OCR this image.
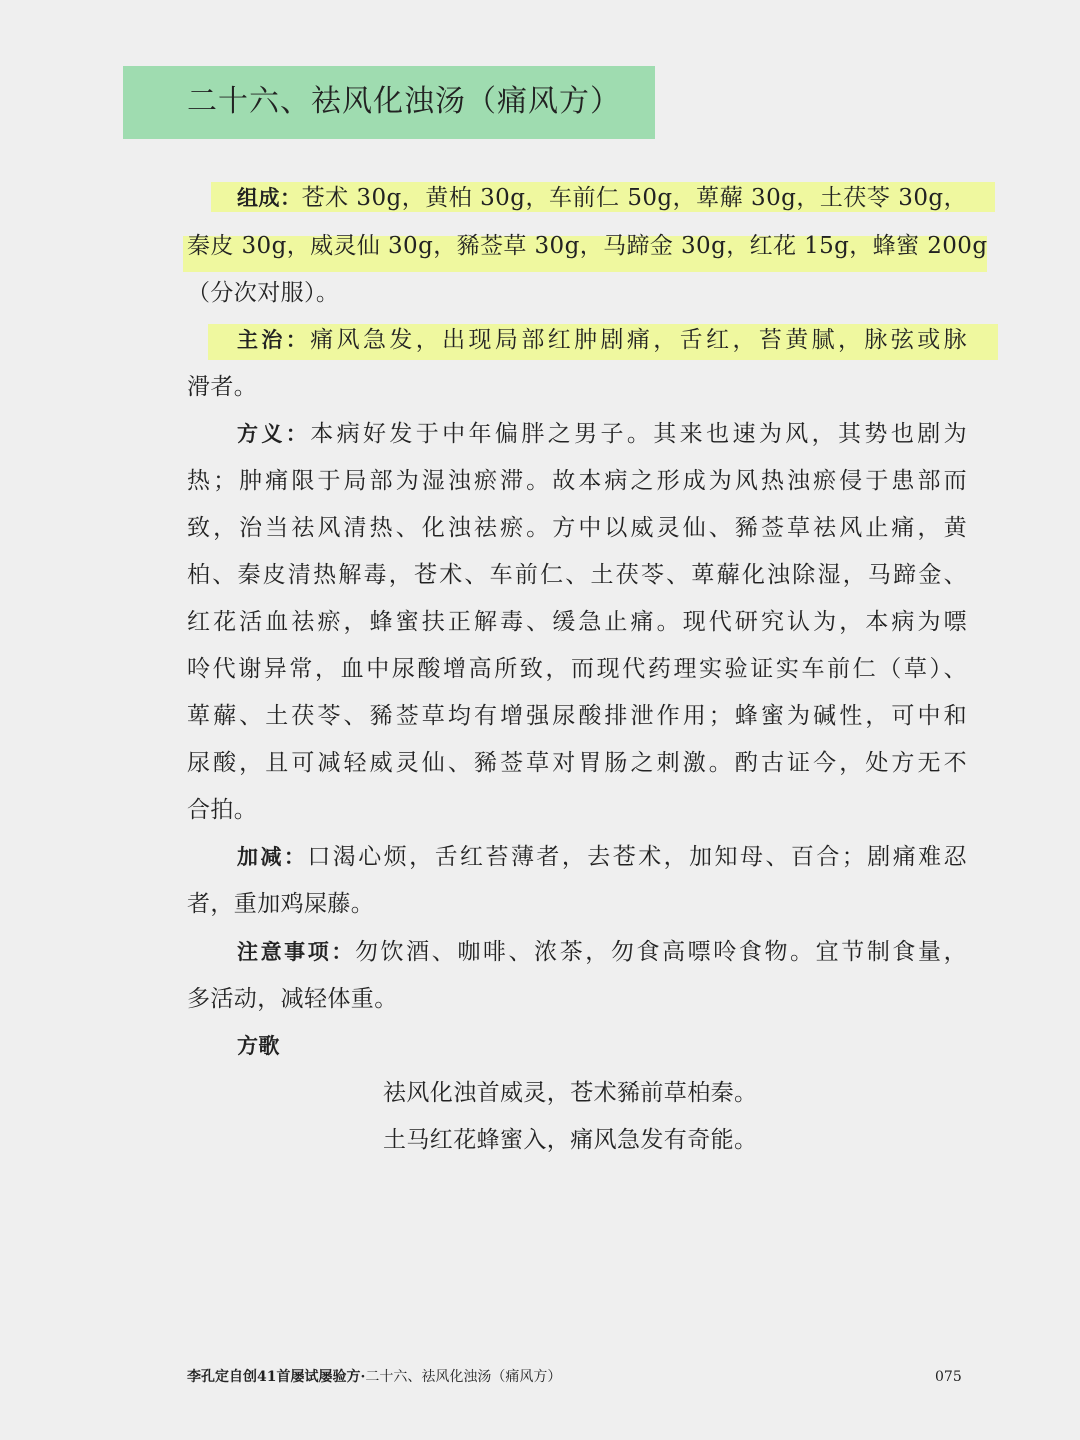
二十六、祛风化浊汤（痛风方）
组成：苍术 30g，黄柏 30g，车前仁 50g，萆薢 30g，土茯苓 30g，
秦皮 30g，威灵仙 30g，豨莶草 30g，马蹄金 30g，红花 15g，蜂蜜 200g
（分次对服）。
主治：痛风急发，出现局部红肿剧痛，舌红，苔黄腻，脉弦或脉
滑者。
方义：本病好发于中年偏胖之男子。其来也速为风，其势也剧为
热；肿痛限于局部为湿浊瘀滞。故本病之形成为风热浊瘀侵于患部而
致，治当祛风清热、化浊祛瘀。方中以威灵仙、豨莶草祛风止痛，黄
柏、秦皮清热解毒，苍术、车前仁、土茯苓、萆薢化浊除湿，马蹄金、
红花活血祛瘀，蜂蜜扶正解毒、缓急止痛。现代研究认为，本病为嘌
呤代谢异常，血中尿酸增高所致，而现代药理实验证实车前仁（草）、
萆薢、土茯苓、豨莶草均有增强尿酸排泄作用；蜂蜜为碱性，可中和
尿酸，且可减轻威灵仙、豨莶草对胃肠之刺激。酌古证今，处方无不
合拍。
加减：口渴心烦，舌红苔薄者，去苍术，加知母、百合；剧痛难忍
者，重加鸡屎藤。
注意事项：勿饮酒、咖啡、浓茶，勿食高嘌呤食物。宜节制食量，
多活动，减轻体重。
方歌
祛风化浊首威灵，苍术豨前草柏秦。
土马红花蜂蜜入，痛风急发有奇能。
李孔定自创41首屡试屡验方·二十六、祛风化浊汤（痛风方）	075
